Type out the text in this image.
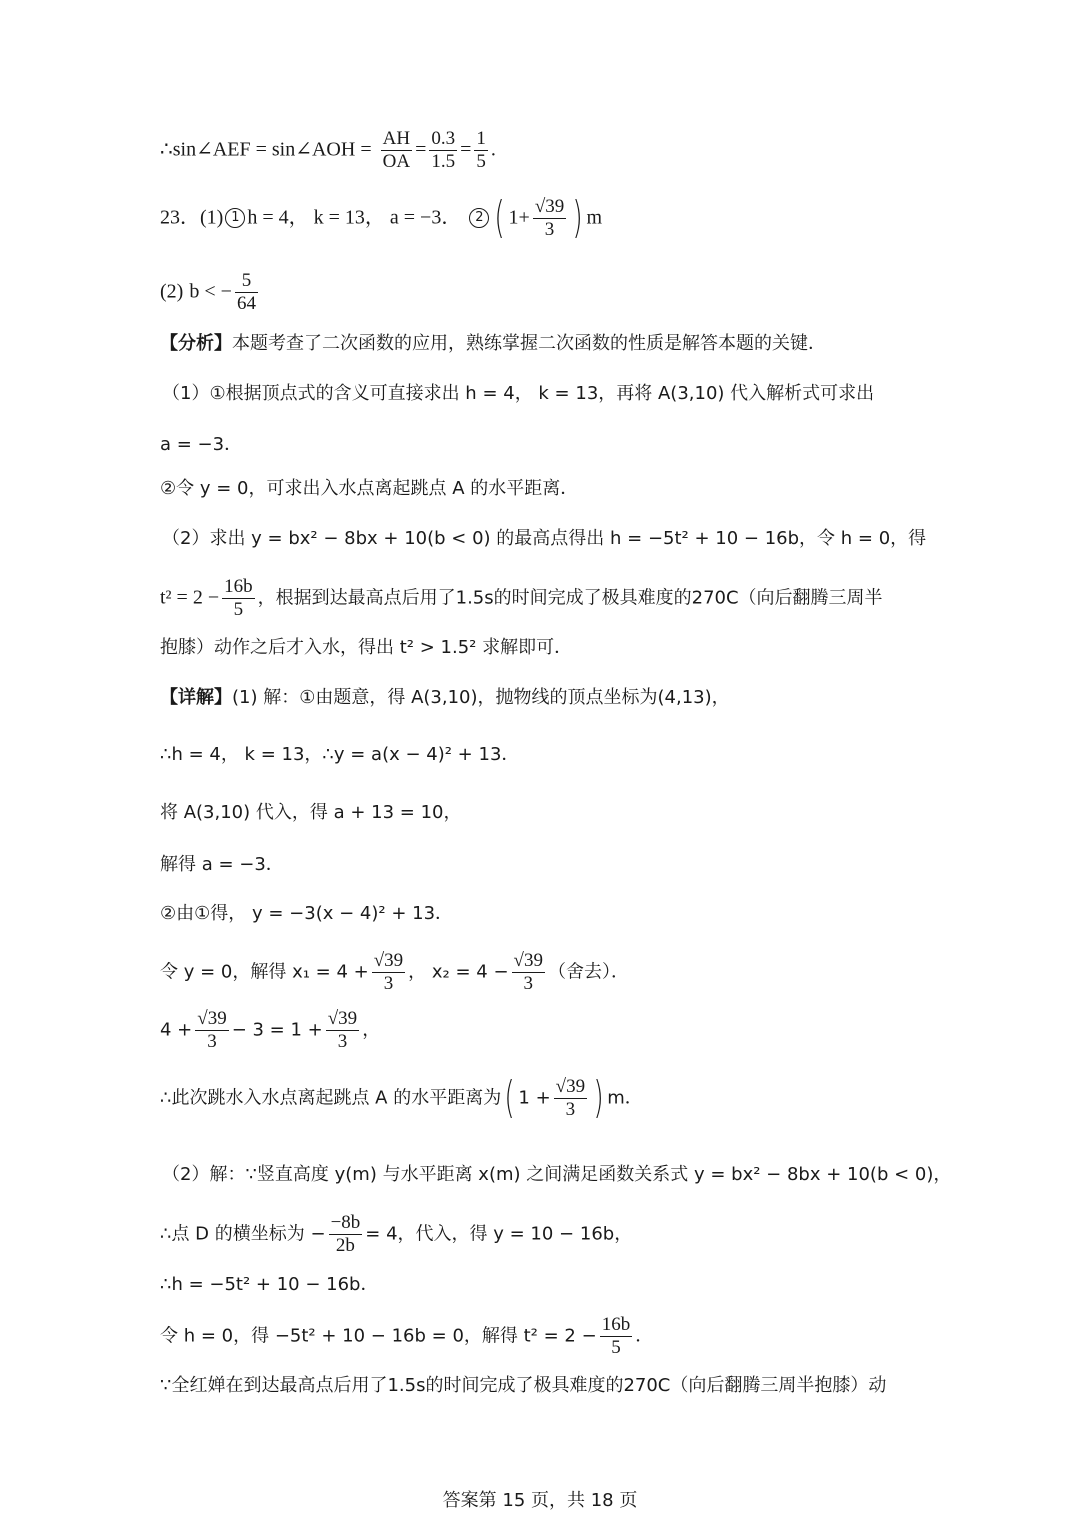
∴sin∠AEF = sin∠AOH = $\frac{AH}{OA} = \frac{0.3}{1.5} = \frac{1}{5}$ .
23．(1) 1 h = 4， k = 13， a = −3． 2 ( $1+ \frac{√39}{3}$ ) m
(2) b < − $\frac{5}{64}$
【分析】本题考查了二次函数的应用，熟练掌握二次函数的性质是解答本题的关键．
（1）①根据顶点式的含义可直接求出 h = 4， k = 13，再将 A(3,10) 代入解析式可求出
a = −3．
②令 y = 0，可求出入水点离起跳点 A 的水平距离．
（2）求出 y = bx² − 8bx + 10(b < 0) 的最高点得出 h = −5t² + 10 − 16b，令 h = 0，得
$t^2 = 2 - \frac{16b}{5}$ ，根据到达最高点后用了1.5s的时间完成了极具难度的270C（向后翻腾三周半
抱膝）动作之后才入水，得出 t² > 1.5² 求解即可．
【详解】(1) 解：①由题意，得 A(3,10)，抛物线的顶点坐标为(4,13)，
∴h = 4， k = 13，∴y = a(x − 4)² + 13．
将 A(3,10) 代入，得 a + 13 = 10，
解得 a = −3．
②由①得， y = −3(x − 4)² + 13．
令 y = 0，解得 $x_1 = 4 + \frac{√39}{3}$ ， $x_2 = 4 - \frac{√39}{3}$ （舍去）．
$4 + \frac{√39}{3} - 3 = 1 + \frac{√39}{3}$ ，
∴此次跳水入水点离起跳点 A 的水平距离为( $1 + \frac{√39}{3}$ ) m．
（2）解：∵竖直高度 y(m) 与水平距离 x(m) 之间满足函数关系式 y = bx² − 8bx + 10(b < 0)，
∴点 D 的横坐标为 − $\frac{-8b}{2b} = 4$，代入，得 y = 10 − 16b，
∴h = −5t² + 10 − 16b．
令 h = 0，得 −5t² + 10 − 16b = 0，解得 $t^2 = 2 - \frac{16b}{5}$ ．
∵全红婵在到达最高点后用了1.5s的时间完成了极具难度的270C（向后翻腾三周半抱膝）动
答案第 15 页，共 18 页
